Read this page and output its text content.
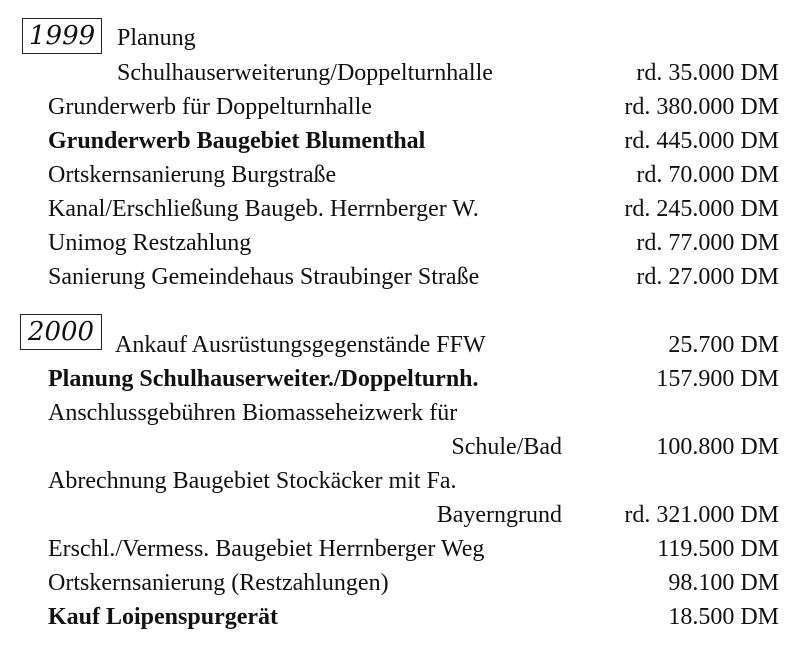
1999 Planung
Schulhauserweiterung/Doppelturnhalle	rd. 35.000 DM
Grunderwerb für Doppelturnhalle	rd. 380.000 DM
Grunderwerb Baugebiet Blumenthal	rd. 445.000 DM
Ortskernsanierung Burgstraße	rd. 70.000 DM
Kanal/Erschließung Baugeb. Herrnberger W.	rd. 245.000 DM
Unimog Restzahlung	rd. 77.000 DM
Sanierung Gemeindehaus Straubinger Straße	rd. 27.000 DM
2000 Ankauf Ausrüstungsgegenstände FFW	25.700 DM
Planung Schulhauserweiter./Doppelturnh.	157.900 DM
Anschlussgebühren Biomasseheizwerk für
Schule/Bad	100.800 DM
Abrechnung Baugebiet Stockäcker mit Fa.
Bayerngrund	rd. 321.000 DM
Erschl./Vermess. Baugebiet Herrnberger Weg	119.500 DM
Ortskernsanierung (Restzahlungen)	98.100 DM
Kauf Loipenspurgerät	18.500 DM
